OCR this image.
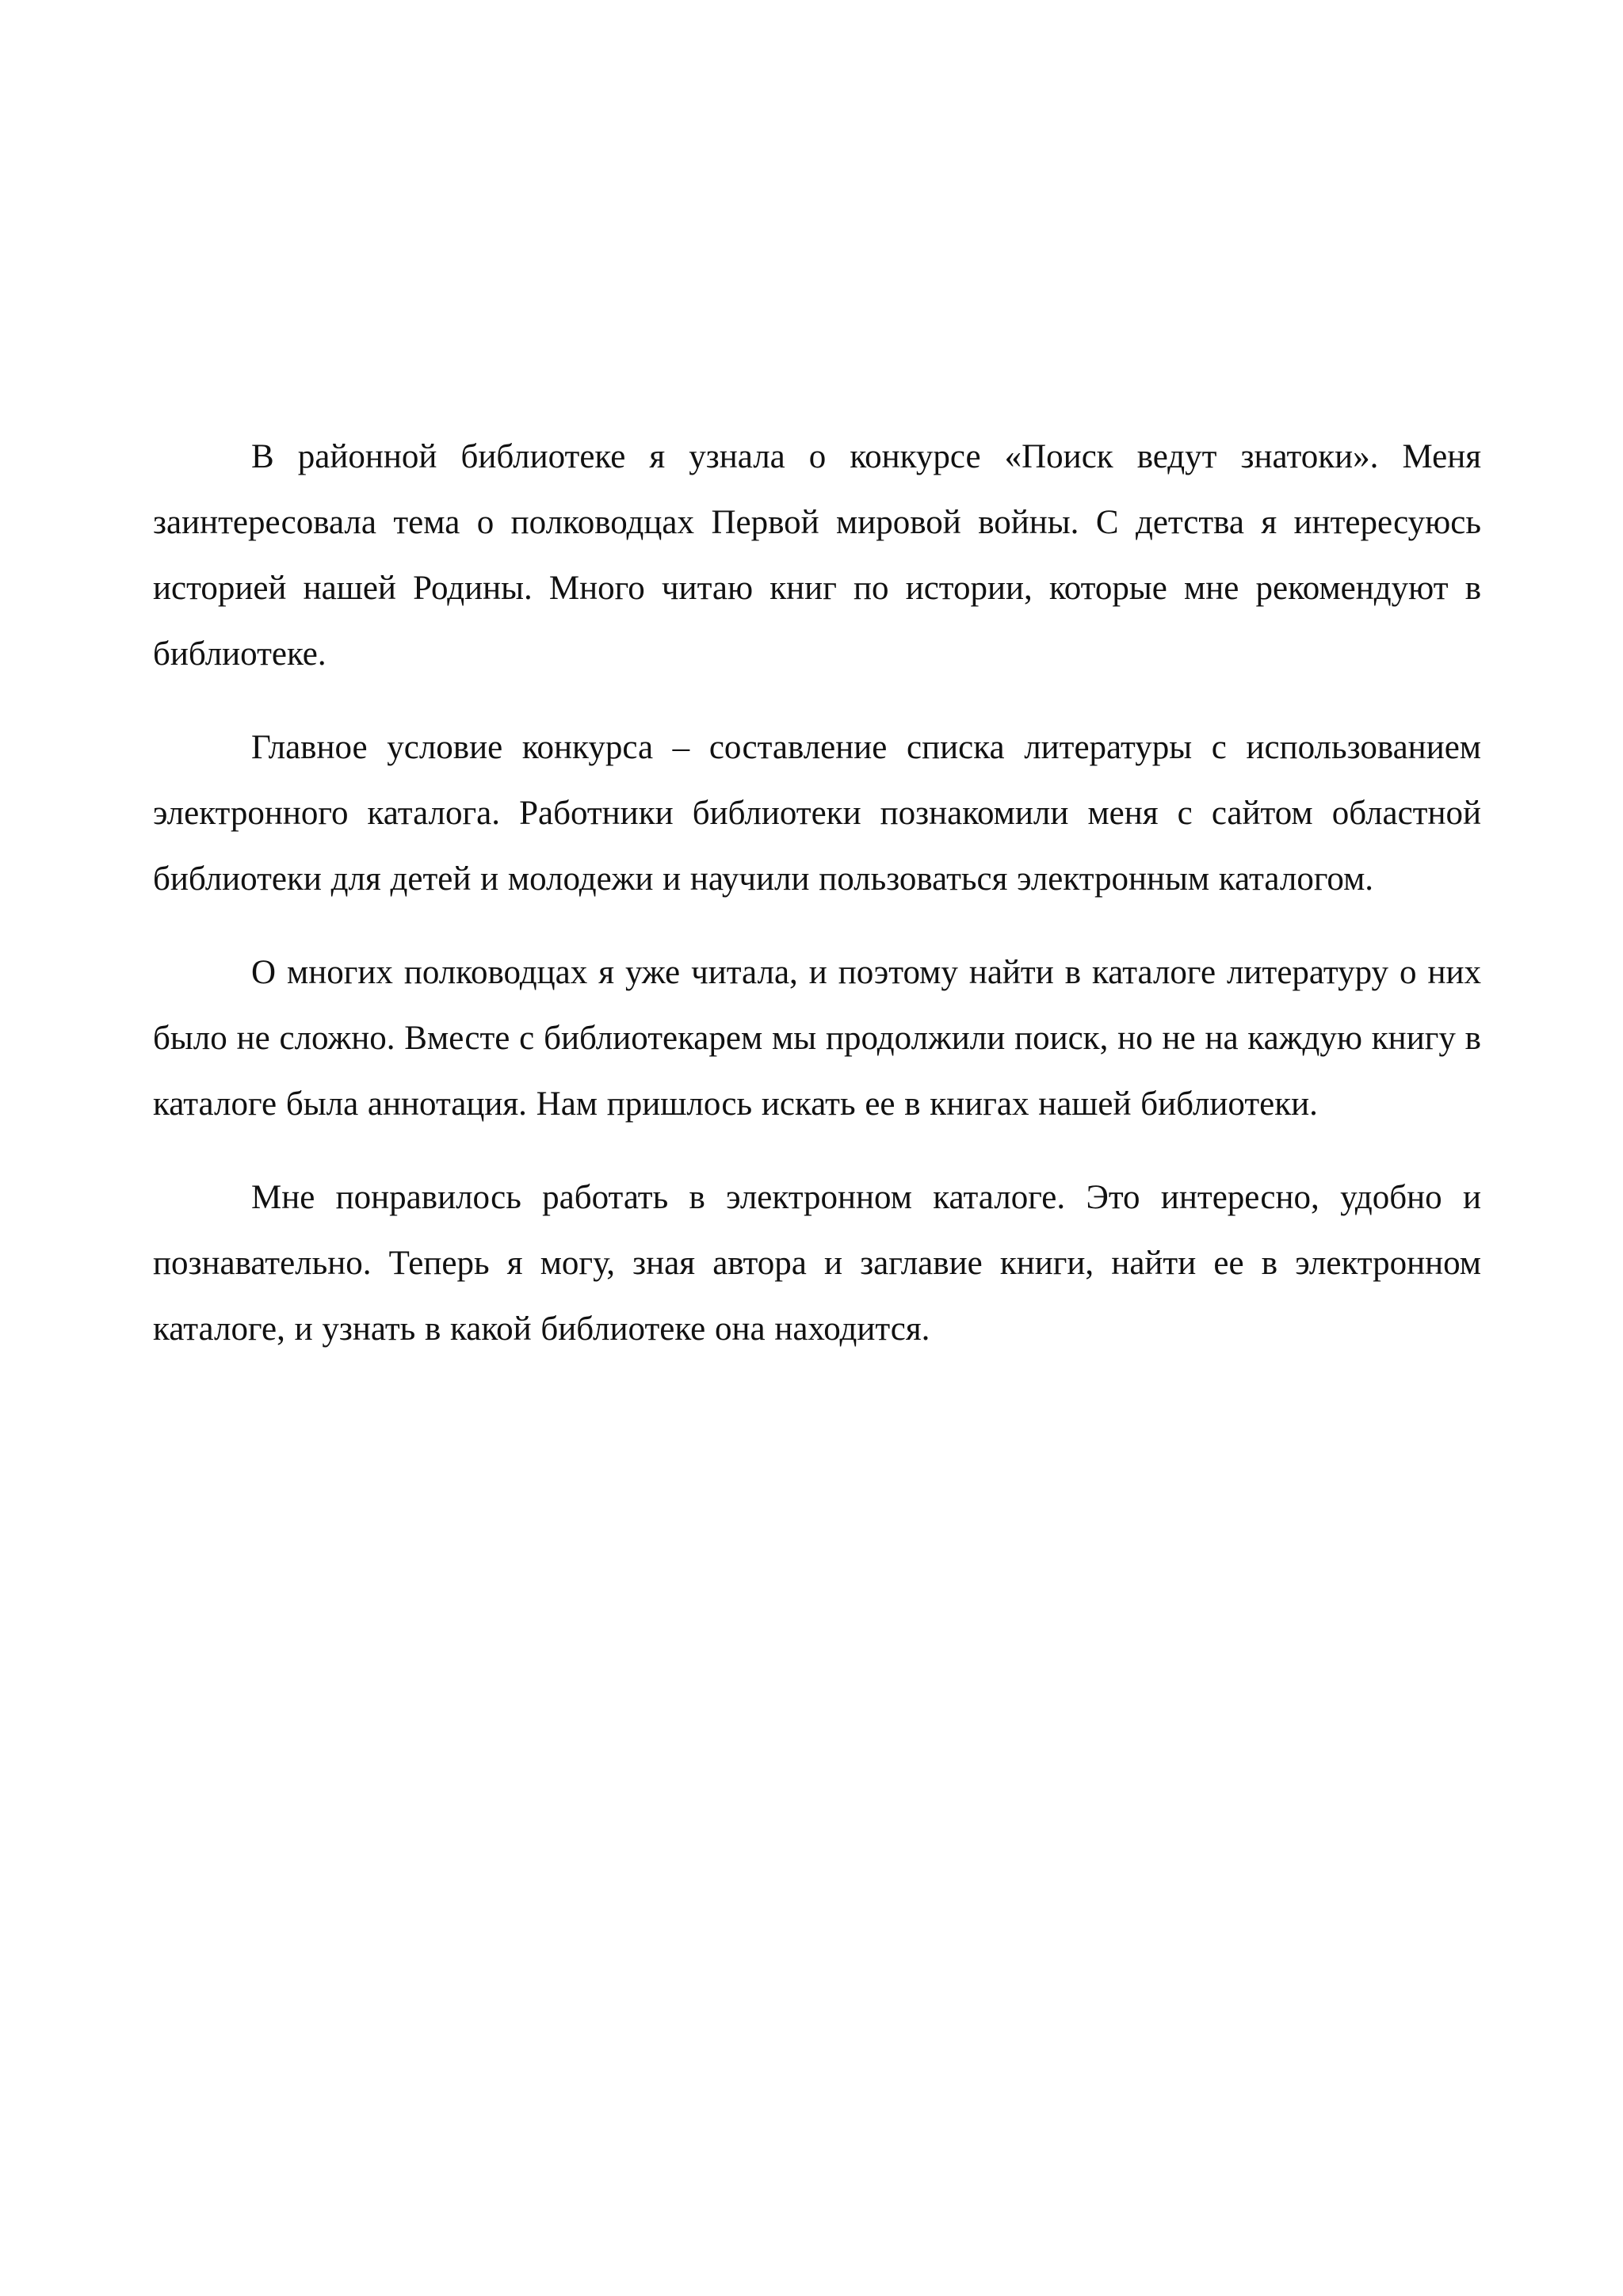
В районной библиотеке я узнала о конкурсе «Поиск ведут знатоки». Меня заинтересовала тема о полководцах Первой мировой войны. С детства я интересуюсь историей нашей Родины. Много читаю книг по истории, которые мне рекомендуют в библиотеке.

Главное условие конкурса – составление списка литературы с использованием электронного каталога. Работники библиотеки познакомили меня с сайтом областной библиотеки для детей и молодежи и научили пользоваться электронным каталогом.

О многих полководцах я уже читала, и поэтому найти в каталоге литературу о них было не сложно. Вместе с библиотекарем мы продолжили поиск, но не на каждую книгу в каталоге была аннотация. Нам пришлось искать ее в книгах нашей библиотеки.

Мне понравилось работать в электронном каталоге. Это интересно, удобно и познавательно. Теперь я могу, зная автора и заглавие книги, найти ее в электронном каталоге, и узнать в какой библиотеке она находится.
